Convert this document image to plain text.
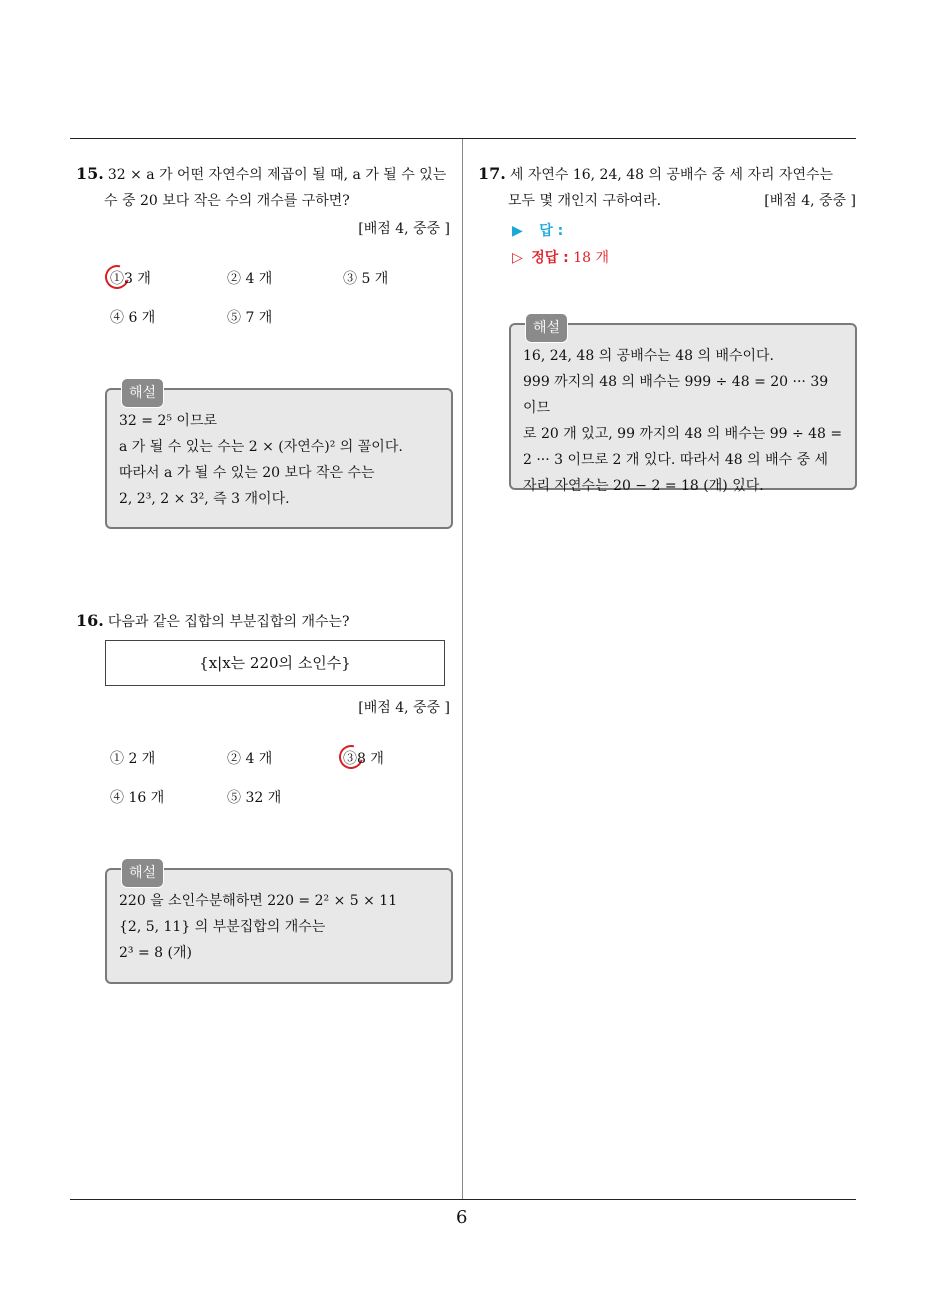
15. 32 × a 가 어떤 자연수의 제곱이 될 때, a 가 될 수 있는
수 중 20 보다 작은 수의 개수를 구하면?
[배점 4, 중중 ]
①3 개	② 4 개	③ 5 개
④ 6 개	⑤ 7 개
해설
32 = 2⁵ 이므로
a 가 될 수 있는 수는 2 × (자연수)² 의 꼴이다.
따라서 a 가 될 수 있는 20 보다 작은 수는
2, 2³, 2 × 3², 즉 3 개이다.
16. 다음과 같은 집합의 부분집합의 개수는?
{x|x는 220의 소인수}
[배점 4, 중중 ]
① 2 개	② 4 개	③8 개
④ 16 개	⑤ 32 개
해설
220 을 소인수분해하면 220 = 2² × 5 × 11
{2, 5, 11} 의 부분집합의 개수는
2³ = 8 (개)
17. 세 자연수 16, 24, 48 의 공배수 중 세 자리 자연수는
모두 몇 개인지 구하여라.	[배점 4, 중중 ]
▶ 답 :
▷ 정답 : 18 개
해설
16, 24, 48 의 공배수는 48 의 배수이다.
999 까지의 48 의 배수는 999 ÷ 48 = 20 ··· 39 이므
로 20 개 있고, 99 까지의 48 의 배수는 99 ÷ 48 =
2 ··· 3 이므로 2 개 있다. 따라서 48 의 배수 중 세
자리 자연수는 20 − 2 = 18 (개) 있다.
6
